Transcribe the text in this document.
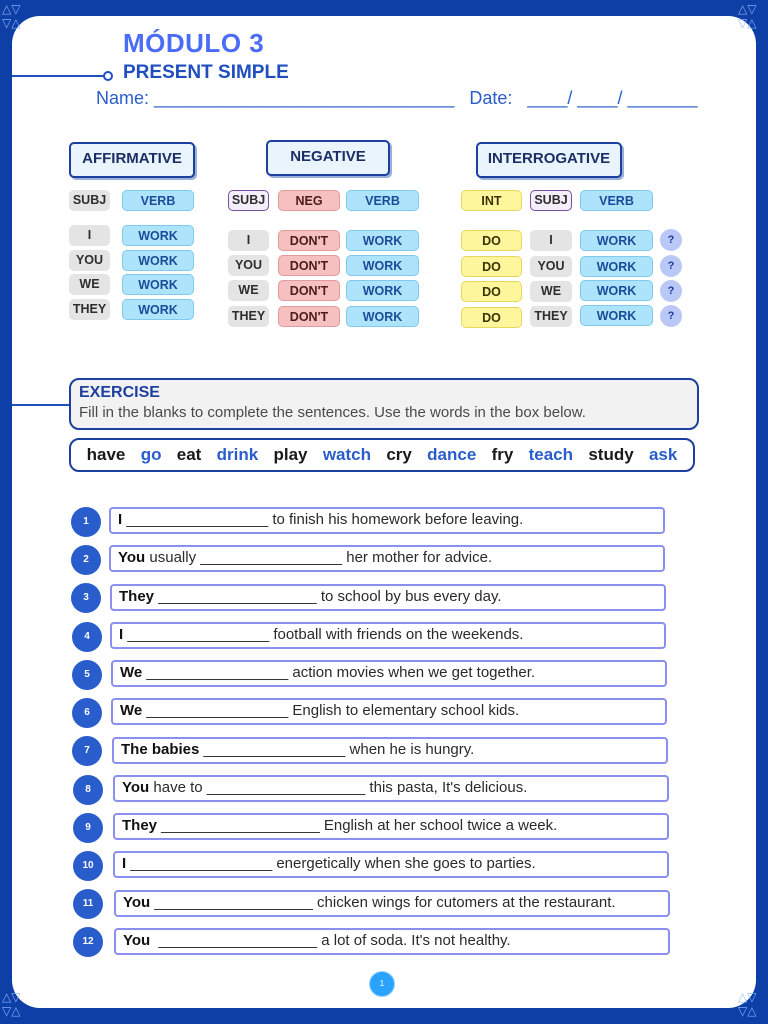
MÓDULO 3
PRESENT SIMPLE
Name: ______________________________   Date:   ____/ ____/ _______
AFFIRMATIVE
SUBJ	VERB
I	WORK
YOU	WORK
WE	WORK
THEY	WORK
NEGATIVE
SUBJ	NEG	VERB
I	DON'T	WORK
YOU	DON'T	WORK
WE	DON'T	WORK
THEY	DON'T	WORK
INTERROGATIVE
INT	SUBJ	VERB
DO	I	WORK	?
DO	YOU	WORK	?
DO	WE	WORK	?
DO	THEY	WORK	?
EXERCISE
Fill in the blanks to complete the sentences. Use the words in the box below.
have go eat drink play watch cry dance fry teach study ask
1	I _________________ to finish his homework before leaving.
2	You usually _________________ her mother for advice.
3	They ___________________ to school by bus every day.
4	I _________________ football with friends on the weekends.
5	We _________________ action movies when we get together.
6	We _________________ English to elementary school kids.
7	The babies _________________ when he is hungry.
8	You have to ___________________ this pasta, It's delicious.
9	They ___________________ English at her school twice a week.
10	I _________________ energetically when she goes to parties.
11	You ___________________ chicken wings for cutomers at the restaurant.
12	You  ___________________ a lot of soda. It's not healthy.
1
△▽
▽△
△▽
▽△
△▽
▽△
△▽
▽△
